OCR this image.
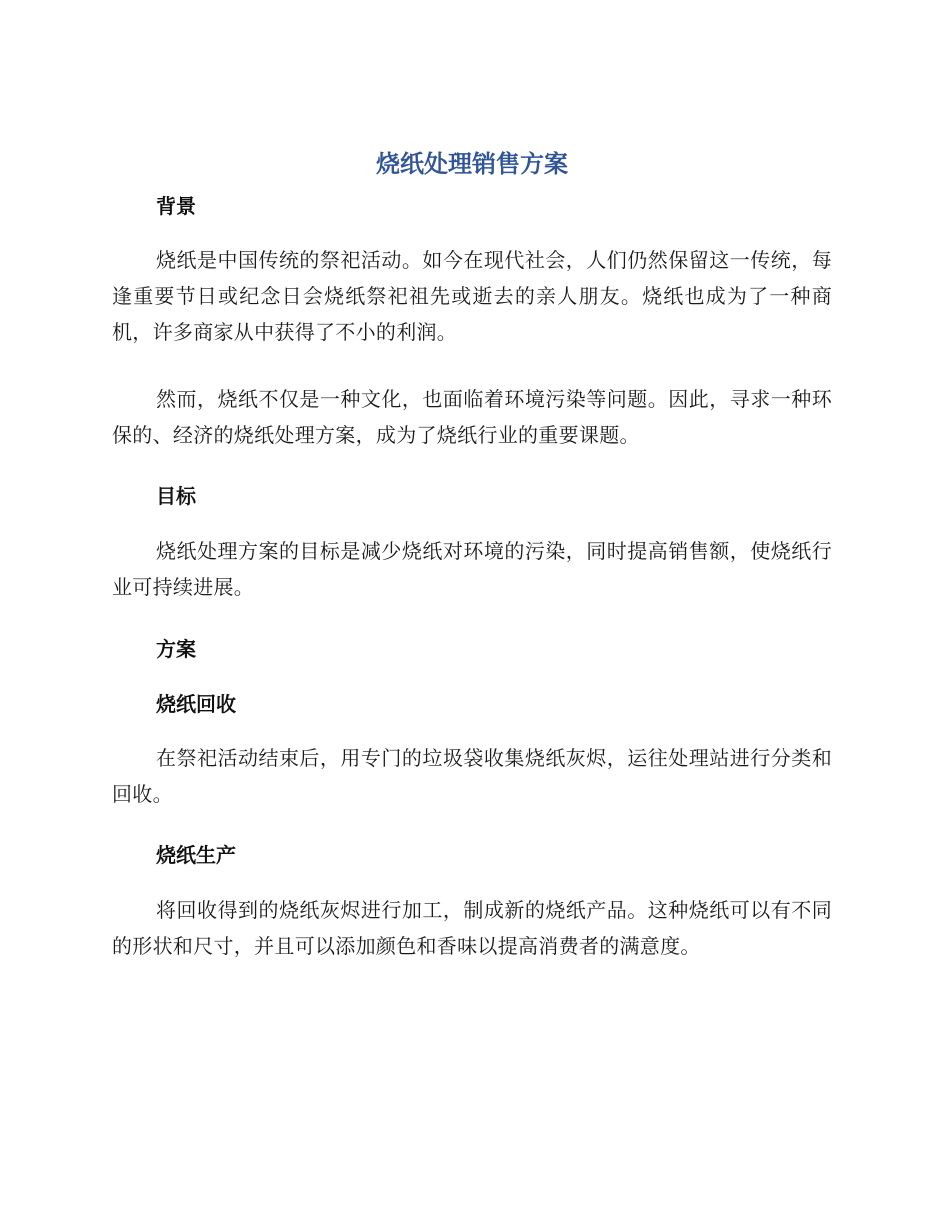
烧纸处理销售方案
背景
烧纸是中国传统的祭祀活动。如今在现代社会，人们仍然保留这一传统，每逢重要节日或纪念日会烧纸祭祀祖先或逝去的亲人朋友。烧纸也成为了一种商机，许多商家从中获得了不小的利润。
然而，烧纸不仅是一种文化，也面临着环境污染等问题。因此，寻求一种环保的、经济的烧纸处理方案，成为了烧纸行业的重要课题。
目标
烧纸处理方案的目标是减少烧纸对环境的污染，同时提高销售额，使烧纸行业可持续进展。
方案
烧纸回收
在祭祀活动结束后，用专门的垃圾袋收集烧纸灰烬，运往处理站进行分类和回收。
烧纸生产
将回收得到的烧纸灰烬进行加工，制成新的烧纸产品。这种烧纸可以有不同的形状和尺寸，并且可以添加颜色和香味以提高消费者的满意度。
